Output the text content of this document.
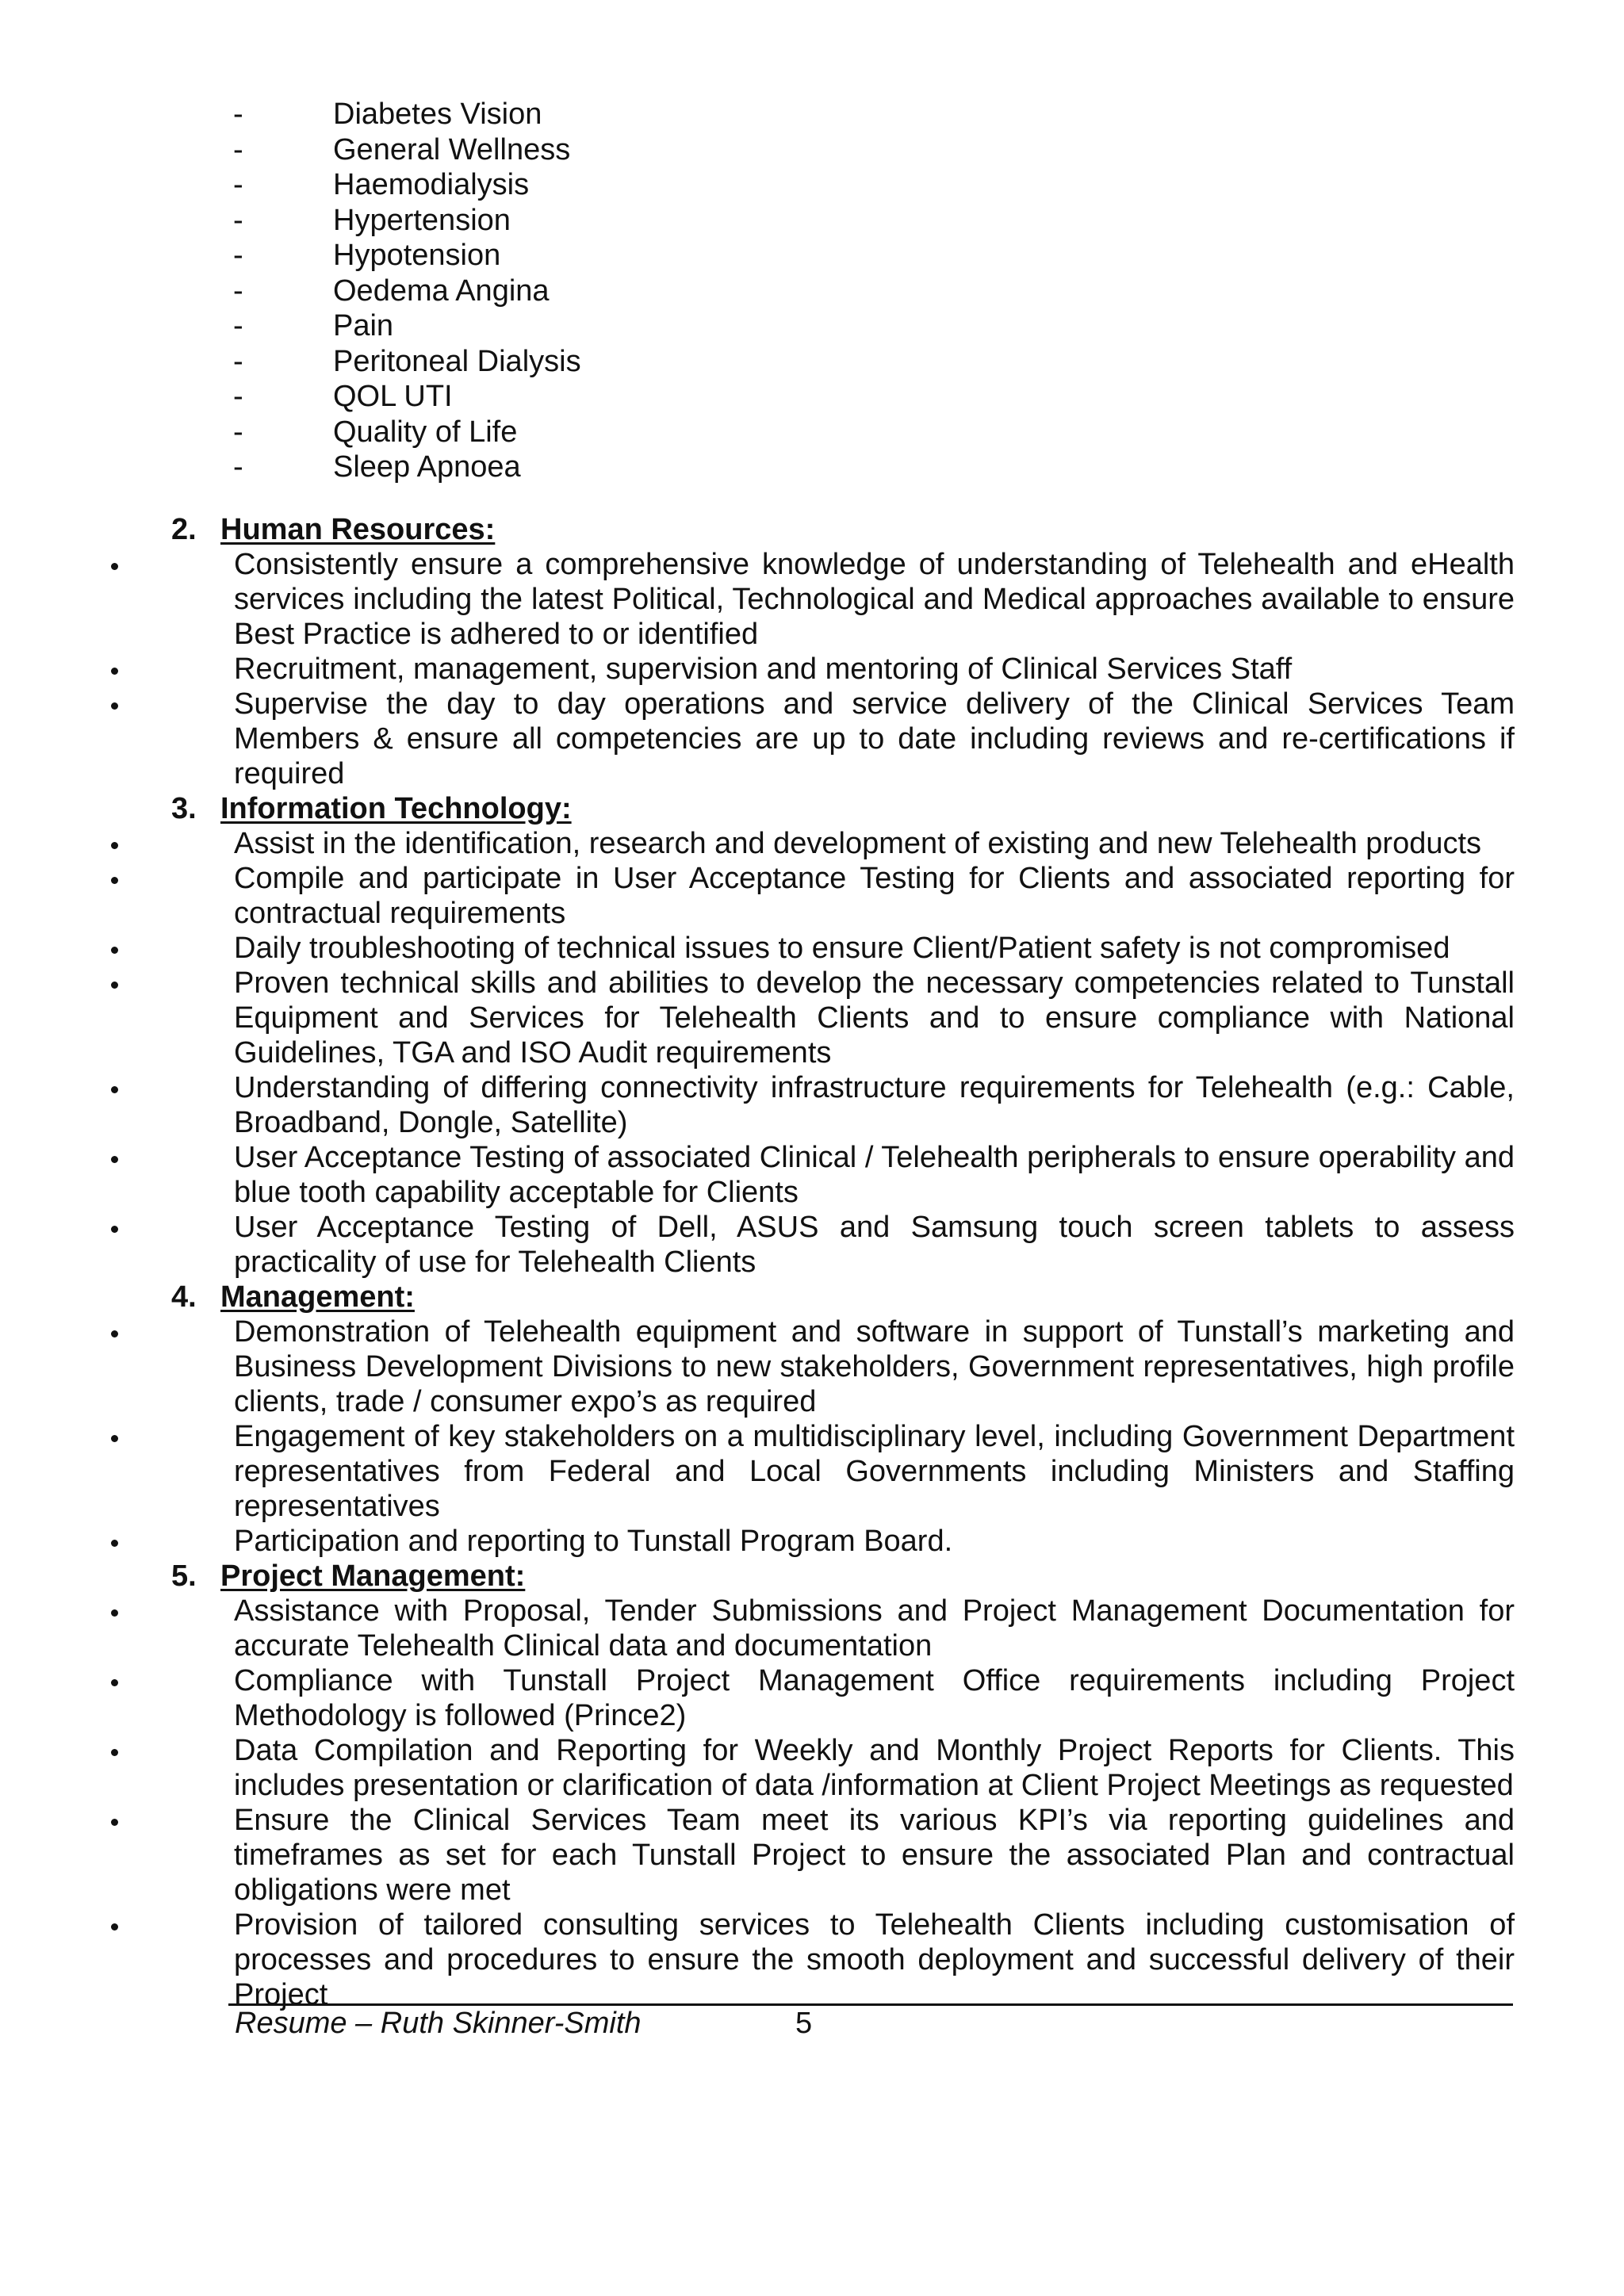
-	Diabetes Vision
-	General Wellness
-	Haemodialysis
-	Hypertension
-	Hypotension
-	Oedema Angina
-	Pain
-	Peritoneal Dialysis
-	QOL UTI
-	Quality of Life
-	Sleep Apnoea
2. Human Resources:
Consistently ensure a comprehensive knowledge of understanding of Telehealth and eHealth services including the latest Political, Technological and Medical approaches available to ensure Best Practice is adhered to or identified
Recruitment, management, supervision and mentoring of Clinical Services Staff
Supervise the day to day operations and service delivery of the Clinical Services Team Members & ensure all competencies are up to date including reviews and re-certifications if required
3. Information Technology:
Assist in the identification, research and development of existing and new Telehealth products
Compile and participate in User Acceptance Testing for Clients and associated reporting for contractual requirements
Daily troubleshooting of technical issues to ensure Client/Patient safety is not compromised
Proven technical skills and abilities to develop the necessary competencies related to Tunstall Equipment and Services for Telehealth Clients and to ensure compliance with National Guidelines, TGA and ISO Audit requirements
Understanding of differing connectivity infrastructure requirements for Telehealth (e.g.: Cable, Broadband, Dongle, Satellite)
User Acceptance Testing of associated Clinical / Telehealth peripherals to ensure operability and blue tooth capability acceptable for Clients
User Acceptance Testing of Dell, ASUS and Samsung touch screen tablets to assess practicality of use for Telehealth Clients
4. Management:
Demonstration of Telehealth equipment and software in support of Tunstall’s marketing and Business Development Divisions to new stakeholders, Government representatives, high profile clients, trade / consumer expo’s as required
Engagement of key stakeholders on a multidisciplinary level, including Government Department representatives from Federal and Local Governments including Ministers and Staffing representatives
Participation and reporting to Tunstall Program Board.
5. Project Management:
Assistance with Proposal, Tender Submissions and Project Management Documentation for accurate Telehealth Clinical data and documentation
Compliance with Tunstall Project Management Office requirements including Project Methodology is followed (Prince2)
Data Compilation and Reporting for Weekly and Monthly Project Reports for Clients. This includes presentation or clarification of data /information at Client Project Meetings as requested
Ensure the Clinical Services Team meet its various KPI’s via reporting guidelines and timeframes as set for each Tunstall Project to ensure the associated Plan and contractual obligations were met
Provision of tailored consulting services to Telehealth Clients including customisation of processes and procedures to ensure the smooth deployment and successful delivery of their Project
Resume – Ruth Skinner-Smith	5
